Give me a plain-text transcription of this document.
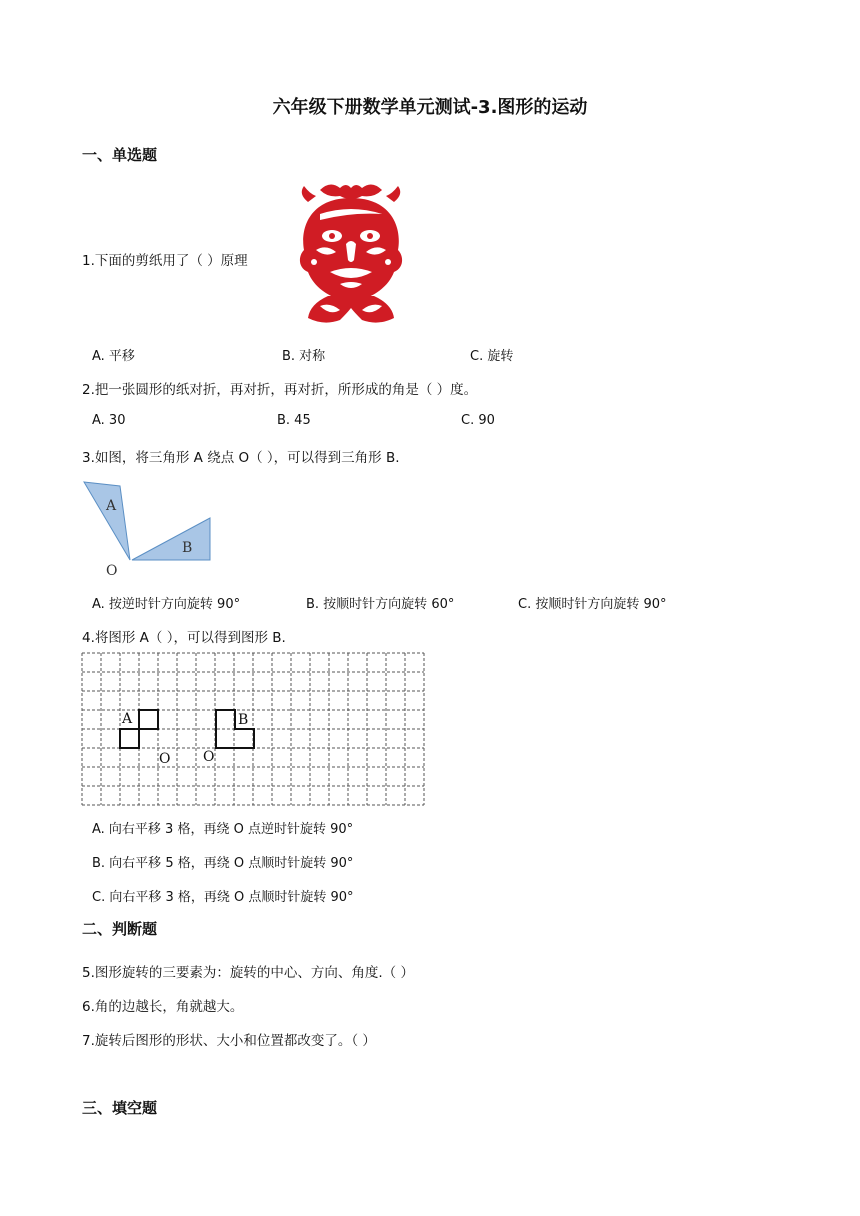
六年级下册数学单元测试-3.图形的运动
一、单选题
1.下面的剪纸用了（ ）原理
A. 平移	B. 对称	C. 旋转
2.把一张圆形的纸对折，再对折，再对折，所形成的角是（ ）度。
A. 30	B. 45	C. 90
3.如图，将三角形 A 绕点 O（ ），可以得到三角形 B.
A
B
O
A. 按逆时针方向旋转 90°	B. 按顺时针方向旋转 60°	C. 按顺时针方向旋转 90°
4.将图形 A（ ），可以得到图形 B.
A	B
O O
A. 向右平移 3 格，再绕 O 点逆时针旋转 90°
B. 向右平移 5 格，再绕 O 点顺时针旋转 90°
C. 向右平移 3 格，再绕 O 点顺时针旋转 90°
二、判断题
5.图形旋转的三要素为：旋转的中心、方向、角度.（ ）
6.角的边越长，角就越大。
7.旋转后图形的形状、大小和位置都改变了。（ ）
三、填空题
